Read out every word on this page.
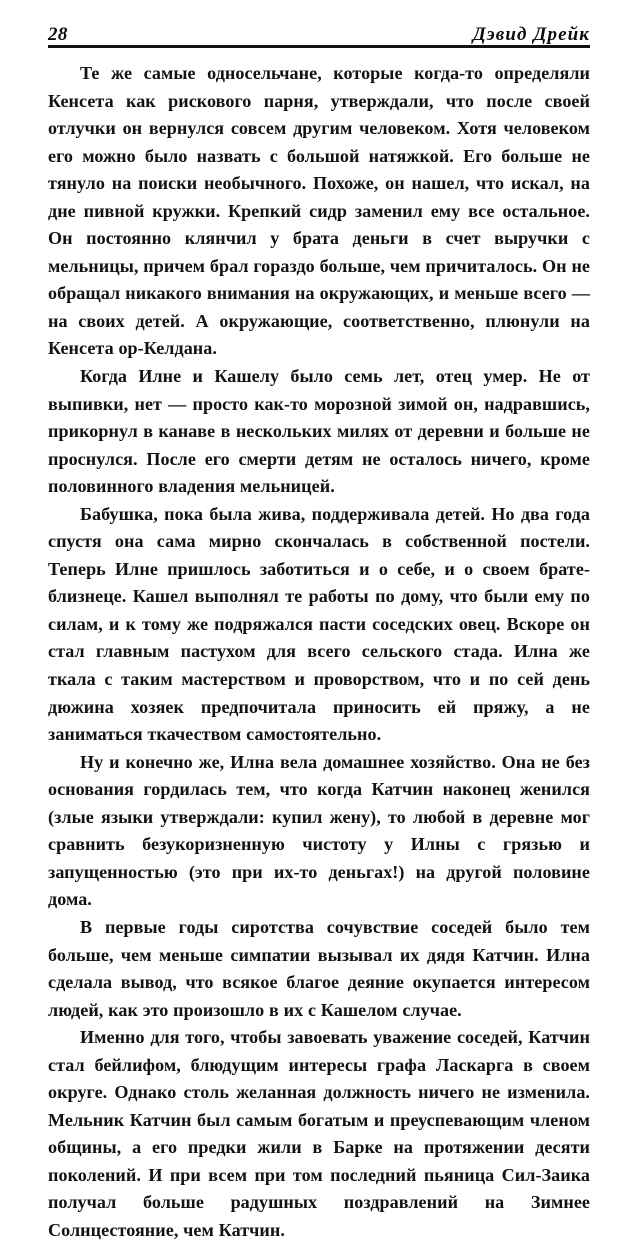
28	Дэвид Дрейк

Те же самые односельчане, которые когда-то определяли Кенсета как рискового парня, утверждали, что после своей отлучки он вернулся совсем другим человеком. Хотя человеком его можно было назвать с большой натяжкой. Его больше не тянуло на поиски необычного. Похоже, он нашел, что искал, на дне пивной кружки. Крепкий сидр заменил ему все остальное. Он постоянно клянчил у брата деньги в счет выручки с мельницы, причем брал гораздо больше, чем причиталось. Он не обращал никакого внимания на окружающих, и меньше всего — на своих детей. А окружающие, соответственно, плюнули на Кенсета ор-Келдана.

Когда Илне и Кашелу было семь лет, отец умер. Не от выпивки, нет — просто как-то морозной зимой он, надравшись, прикорнул в канаве в нескольких милях от деревни и больше не проснулся. После его смерти детям не осталось ничего, кроме половинного владения мельницей.

Бабушка, пока была жива, поддерживала детей. Но два года спустя она сама мирно скончалась в собственной постели. Теперь Илне пришлось заботиться и о себе, и о своем брате-близнеце. Кашел выполнял те работы по дому, что были ему по силам, и к тому же подряжался пасти соседских овец. Вскоре он стал главным пастухом для всего сельского стада. Илна же ткала с таким мастерством и проворством, что и по сей день дюжина хозяек предпочитала приносить ей пряжу, а не заниматься ткачеством самостоятельно.

Ну и конечно же, Илна вела домашнее хозяйство. Она не без основания гордилась тем, что когда Катчин наконец женился (злые языки утверждали: купил жену), то любой в деревне мог сравнить безукоризненную чистоту у Илны с грязью и запущенностью (это при их-то деньгах!) на другой половине дома.

В первые годы сиротства сочувствие соседей было тем больше, чем меньше симпатии вызывал их дядя Катчин. Илна сделала вывод, что всякое благое деяние окупается интересом людей, как это произошло в их с Кашелом случае.

Именно для того, чтобы завоевать уважение соседей, Катчин стал бейлифом, блюдущим интересы графа Ласкарга в своем округе. Однако столь желанная должность ничего не изменила. Мельник Катчин был самым богатым и преуспевающим членом общины, а его предки жили в Барке на протяжении десяти поколений. И при всем при том последний пьяница Сил-Заика получал больше радушных поздравлений на Зимнее Солнцестояние, чем Катчин.
